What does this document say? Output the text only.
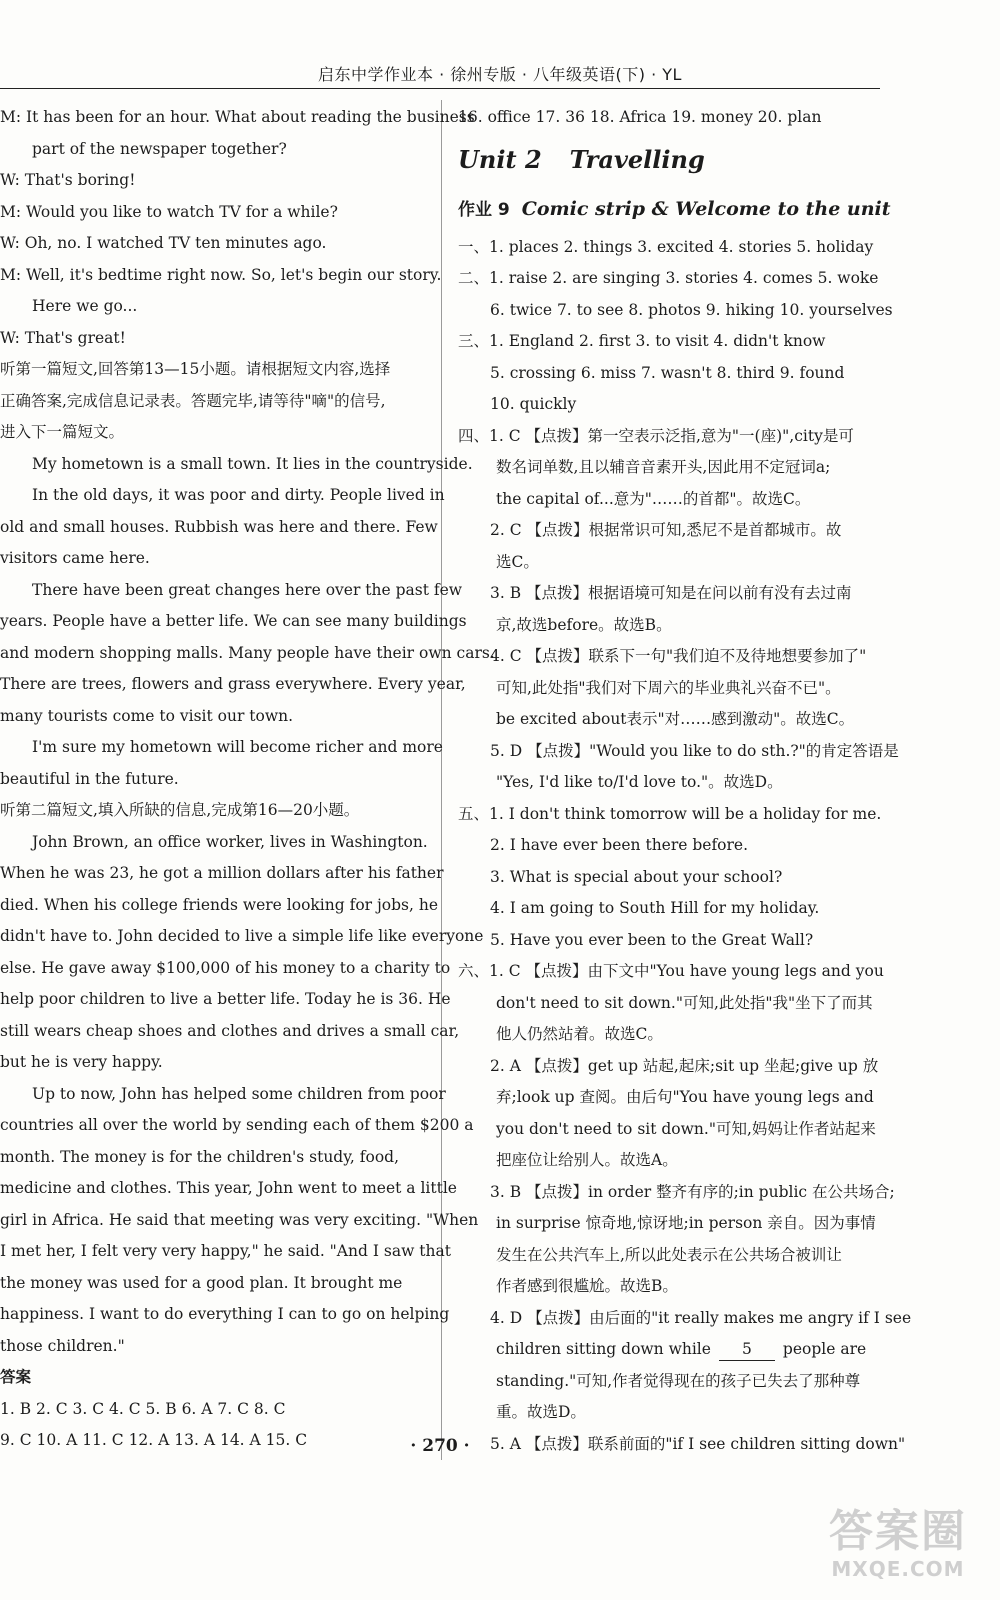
启东中学作业本 · 徐州专版 · 八年级英语(下) · YL
M: It has been for an hour. What about reading the business
part of the newspaper together?
W: That's boring!
M: Would you like to watch TV for a while?
W: Oh, no. I watched TV ten minutes ago.
M: Well, it's bedtime right now. So, let's begin our story.
Here we go...
W: That's great!
听第一篇短文,回答第13—15小题。请根据短文内容,选择
正确答案,完成信息记录表。答题完毕,请等待"嘀"的信号,
进入下一篇短文。
My hometown is a small town. It lies in the countryside.
In the old days, it was poor and dirty. People lived in
old and small houses. Rubbish was here and there. Few
visitors came here.
There have been great changes here over the past few
years. People have a better life. We can see many buildings
and modern shopping malls. Many people have their own cars.
There are trees, flowers and grass everywhere. Every year,
many tourists come to visit our town.
I'm sure my hometown will become richer and more
beautiful in the future.
听第二篇短文,填入所缺的信息,完成第16—20小题。
John Brown, an office worker, lives in Washington.
When he was 23, he got a million dollars after his father
died. When his college friends were looking for jobs, he
didn't have to. John decided to live a simple life like everyone
else. He gave away $100,000 of his money to a charity to
help poor children to live a better life. Today he is 36. He
still wears cheap shoes and clothes and drives a small car,
but he is very happy.
Up to now, John has helped some children from poor
countries all over the world by sending each of them $200 a
month. The money is for the children's study, food,
medicine and clothes. This year, John went to meet a little
girl in Africa. He said that meeting was very exciting. "When
I met her, I felt very very happy," he said. "And I saw that
the money was used for a good plan. It brought me
happiness. I want to do everything I can to go on helping
those children."
答案
1. B 2. C 3. C 4. C 5. B 6. A 7. C 8. C
9. C 10. A 11. C 12. A 13. A 14. A 15. C
16. office 17. 36 18. Africa 19. money 20. plan
Unit 2 Travelling
作业 9 Comic strip & Welcome to the unit
一、1. places 2. things 3. excited 4. stories 5. holiday
二、1. raise 2. are singing 3. stories 4. comes 5. woke
6. twice 7. to see 8. photos 9. hiking 10. yourselves
三、1. England 2. first 3. to visit 4. didn't know
5. crossing 6. miss 7. wasn't 8. third 9. found
10. quickly
四、1. C 【点拨】第一空表示泛指,意为"一(座)",city是可
数名词单数,且以辅音音素开头,因此用不定冠词a;
the capital of...意为"……的首都"。故选C。
2. C 【点拨】根据常识可知,悉尼不是首都城市。故
选C。
3. B 【点拨】根据语境可知是在问以前有没有去过南
京,故选before。故选B。
4. C 【点拨】联系下一句"我们迫不及待地想要参加了"
可知,此处指"我们对下周六的毕业典礼兴奋不已"。
be excited about表示"对……感到激动"。故选C。
5. D 【点拨】"Would you like to do sth.?"的肯定答语是
"Yes, I'd like to/I'd love to."。故选D。
五、1. I don't think tomorrow will be a holiday for me.
2. I have ever been there before.
3. What is special about your school?
4. I am going to South Hill for my holiday.
5. Have you ever been to the Great Wall?
六、1. C 【点拨】由下文中"You have young legs and you
don't need to sit down."可知,此处指"我"坐下了而其
他人仍然站着。故选C。
2. A 【点拨】get up 站起,起床;sit up 坐起;give up 放
弃;look up 查阅。由后句"You have young legs and
you don't need to sit down."可知,妈妈让作者站起来
把座位让给别人。故选A。
3. B 【点拨】in order 整齐有序的;in public 在公共场合;
in surprise 惊奇地,惊讶地;in person 亲自。因为事情
发生在公共汽车上,所以此处表示在公共场合被训让
作者感到很尴尬。故选B。
4. D 【点拨】由后面的"it really makes me angry if I see
children sitting down while 5 people are
standing."可知,作者觉得现在的孩子已失去了那种尊
重。故选D。
5. A 【点拨】联系前面的"if I see children sitting down"
· 270 ·
答案圈
MXQE.COM
